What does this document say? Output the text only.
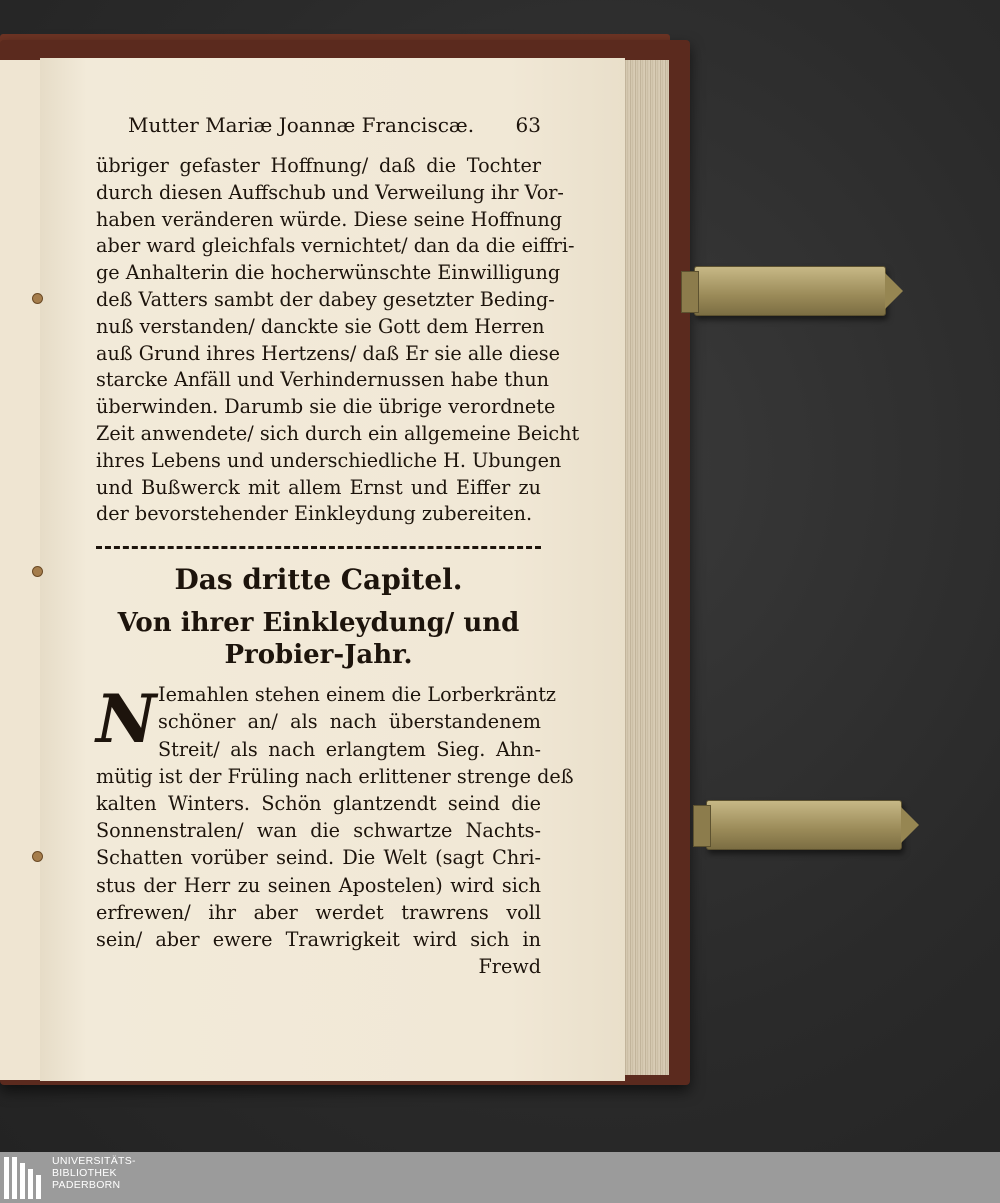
Mutter Mariæ Joannæ Franciscæ. 63

übriger gefaster Hoffnung/ daß die Tochter
durch diesen Auffschub und Verweilung ihr Vor-
haben veränderen würde. Diese seine Hoffnung
aber ward gleichfals vernichtet/ dan da die eiffri-
ge Anhalterin die hocherwünschte Einwilligung
deß Vatters sambt der dabey gesetzter Beding-
nuß verstanden/ danckte sie Gott dem Herren
auß Grund ihres Hertzens/ daß Er sie alle diese
starcke Anfäll und Verhindernussen habe thun
überwinden. Darumb sie die übrige verordnete
Zeit anwendete/ sich durch ein allgemeine Beicht
ihres Lebens und underschiedliche H. Ubungen
und Bußwerck mit allem Ernst und Eiffer zu
der bevorstehender Einkleydung zubereiten.

Das dritte Capitel.
Von ihrer Einkleydung/ und
Probier-Jahr.
N Iemahlen stehen einem die Lorberkräntz
schöner an/ als nach überstandenem
Streit/ als nach erlangtem Sieg. Ahn-
mütig ist der Früling nach erlittener strenge deß
kalten Winters. Schön glantzendt seind die
Sonnenstralen/ wan die schwartze Nachts-
Schatten vorüber seind. Die Welt (sagt Chri-
stus der Herr zu seinen Apostelen) wird sich
erfrewen/ ihr aber werdet trawrens voll
sein/ aber ewere Trawrigkeit wird sich in
Frewd
UNIVERSITÄTS-
BIBLIOTHEK
PADERBORN
